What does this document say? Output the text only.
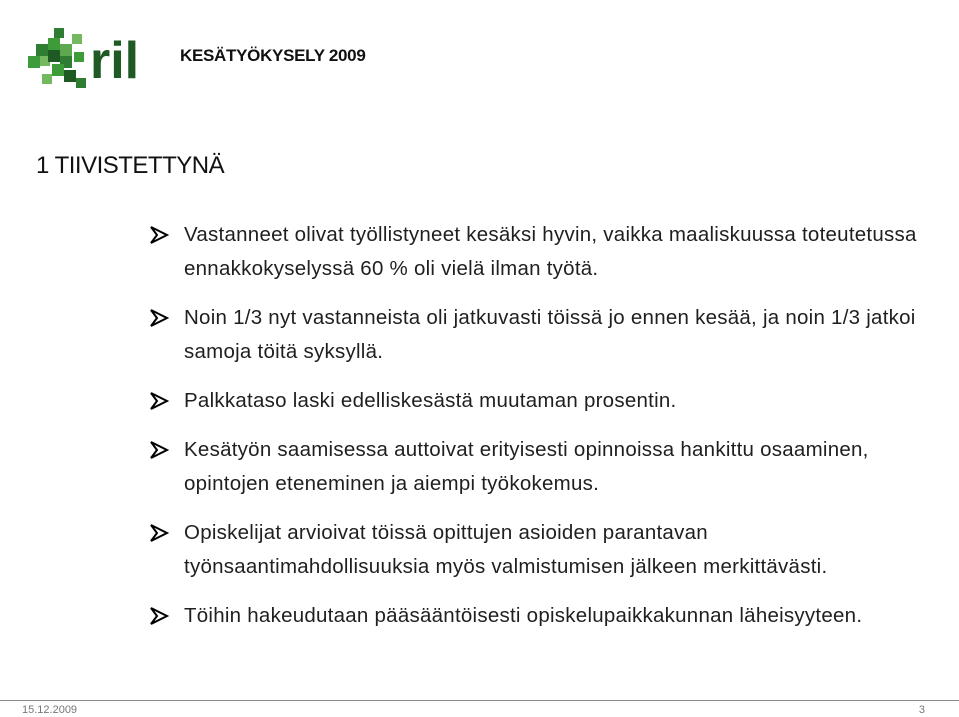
ril KESÄTYÖKYSELY 2009
1 TIIVISTETTYNÄ
Vastanneet olivat työllistyneet kesäksi hyvin, vaikka maaliskuussa toteutetussa ennakkokyselyssä 60 % oli vielä ilman työtä.
Noin 1/3 nyt vastanneista oli jatkuvasti töissä jo ennen kesää, ja noin 1/3 jatkoi samoja töitä syksyllä.
Palkkataso laski edelliskesästä muutaman prosentin.
Kesätyön saamisessa auttoivat erityisesti opinnoissa hankittu osaaminen, opintojen eteneminen ja aiempi työkokemus.
Opiskelijat arvioivat töissä opittujen asioiden parantavan työnsaantimahdollisuuksia myös valmistumisen jälkeen merkittävästi.
Töihin hakeudutaan pääsääntöisesti opiskelupaikkakunnan läheisyyteen.
15.12.2009	3
